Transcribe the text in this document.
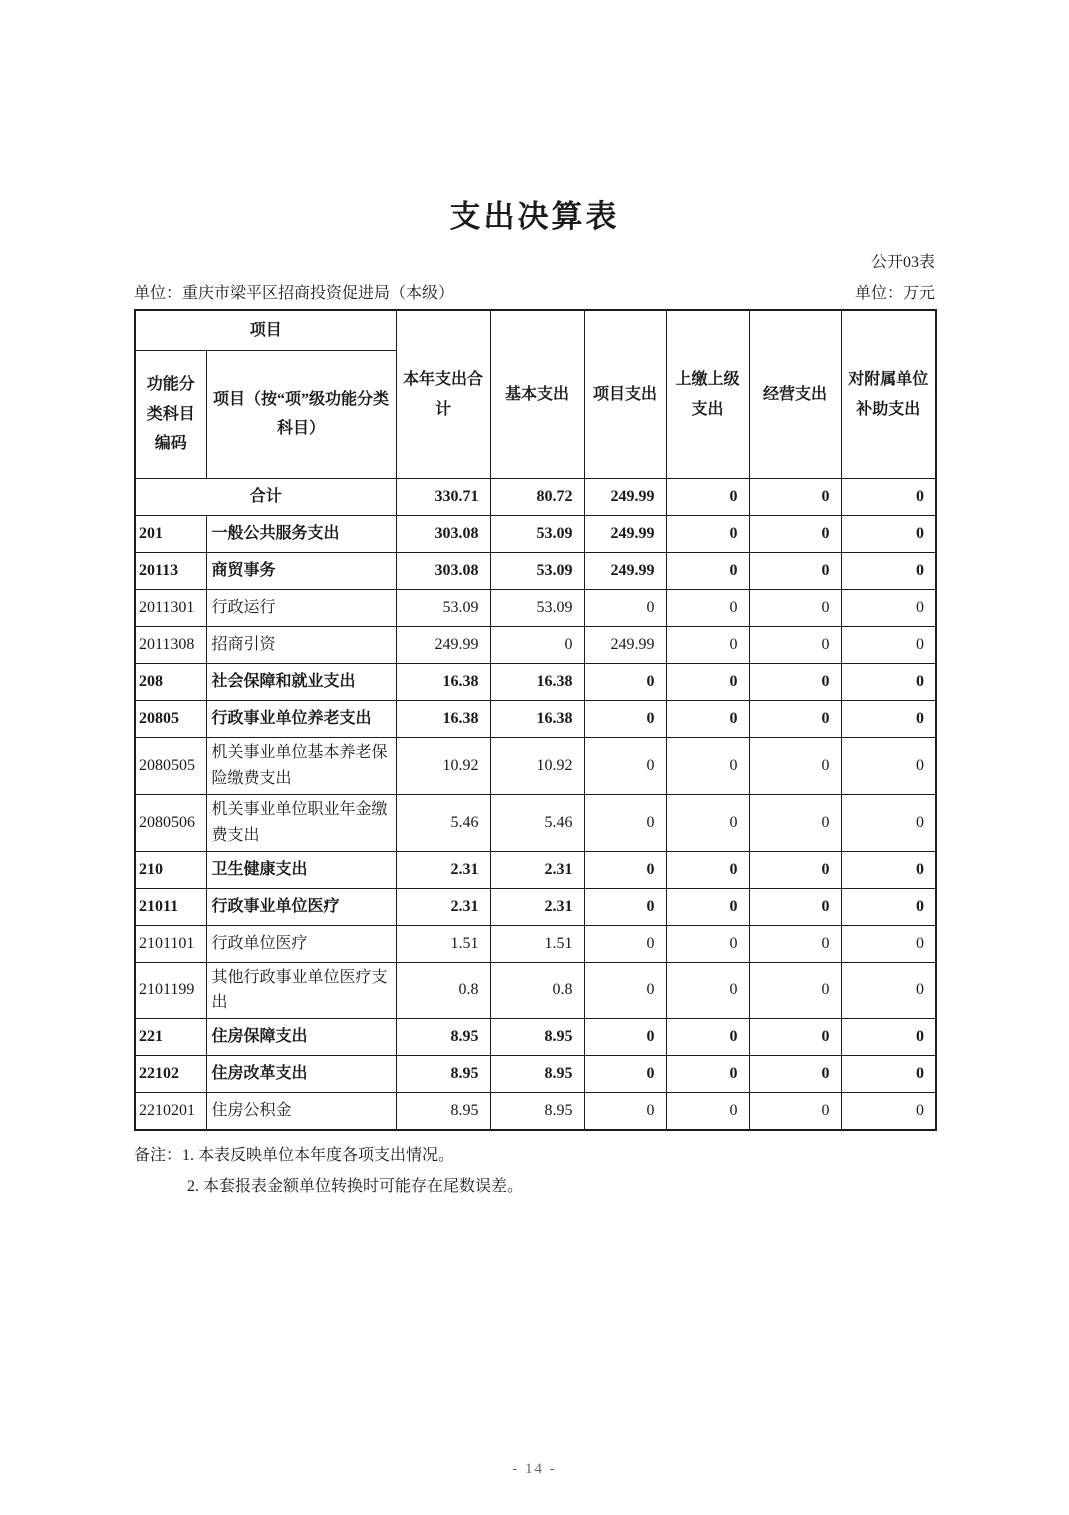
支出决算表
公开03表
单位：重庆市梁平区招商投资促进局（本级）	单位：万元
项目		本年支出合计	基本支出	项目支出	上缴上级支出	经营支出	对附属单位补助支出
功能分类科目编码	项目（按“项”级功能分类科目）						
合计		330.71	80.72	249.99	0	0	0
201	一般公共服务支出	303.08	53.09	249.99	0	0	0
20113	商贸事务	303.08	53.09	249.99	0	0	0
2011301	行政运行	53.09	53.09	0	0	0	0
2011308	招商引资	249.99	0	249.99	0	0	0
208	社会保障和就业支出	16.38	16.38	0	0	0	0
20805	行政事业单位养老支出	16.38	16.38	0	0	0	0
2080505	机关事业单位基本养老保险缴费支出	10.92	10.92	0	0	0	0
2080506	机关事业单位职业年金缴费支出	5.46	5.46	0	0	0	0
210	卫生健康支出	2.31	2.31	0	0	0	0
21011	行政事业单位医疗	2.31	2.31	0	0	0	0
2101101	行政单位医疗	1.51	1.51	0	0	0	0
2101199	其他行政事业单位医疗支出	0.8	0.8	0	0	0	0
221	住房保障支出	8.95	8.95	0	0	0	0
22102	住房改革支出	8.95	8.95	0	0	0	0
2210201	住房公积金	8.95	8.95	0	0	0	0
备注：1. 本表反映单位本年度各项支出情况。
2. 本套报表金额单位转换时可能存在尾数误差。
- 14 -
